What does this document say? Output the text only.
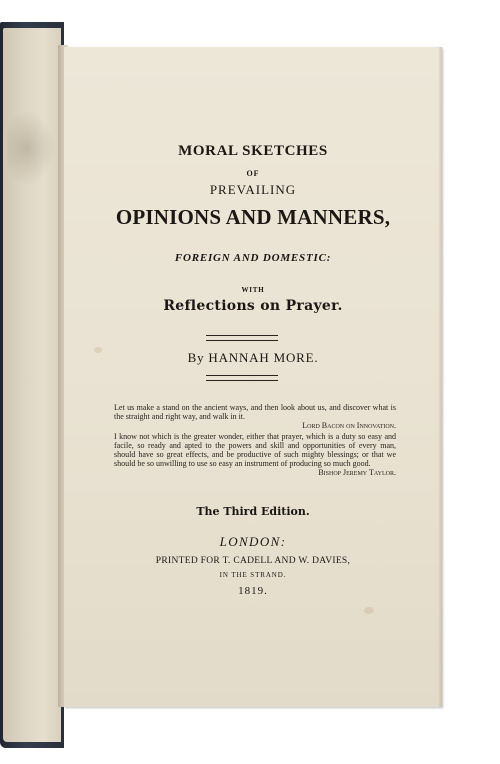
MORAL SKETCHES
OF
PREVAILING
OPINIONS AND MANNERS,
FOREIGN AND DOMESTIC:
WITH
Reflections on Prayer.
By HANNAH MORE.
Let us make a stand on the ancient ways, and then look about us, and discover what is the straight and right way, and walk in it.
Lord Bacon on Innovation.
I know not which is the greater wonder, either that prayer, which is a duty so easy and facile, so ready and apted to the powers and skill and opportunities of every man, should have so great effects, and be productive of such mighty blessings; or that we should be so unwilling to use so easy an instrument of producing so much good.
Bishop Jeremy Taylor.
The Third Edition.
LONDON:
PRINTED FOR T. CADELL AND W. DAVIES,
IN THE STRAND.
1819.
